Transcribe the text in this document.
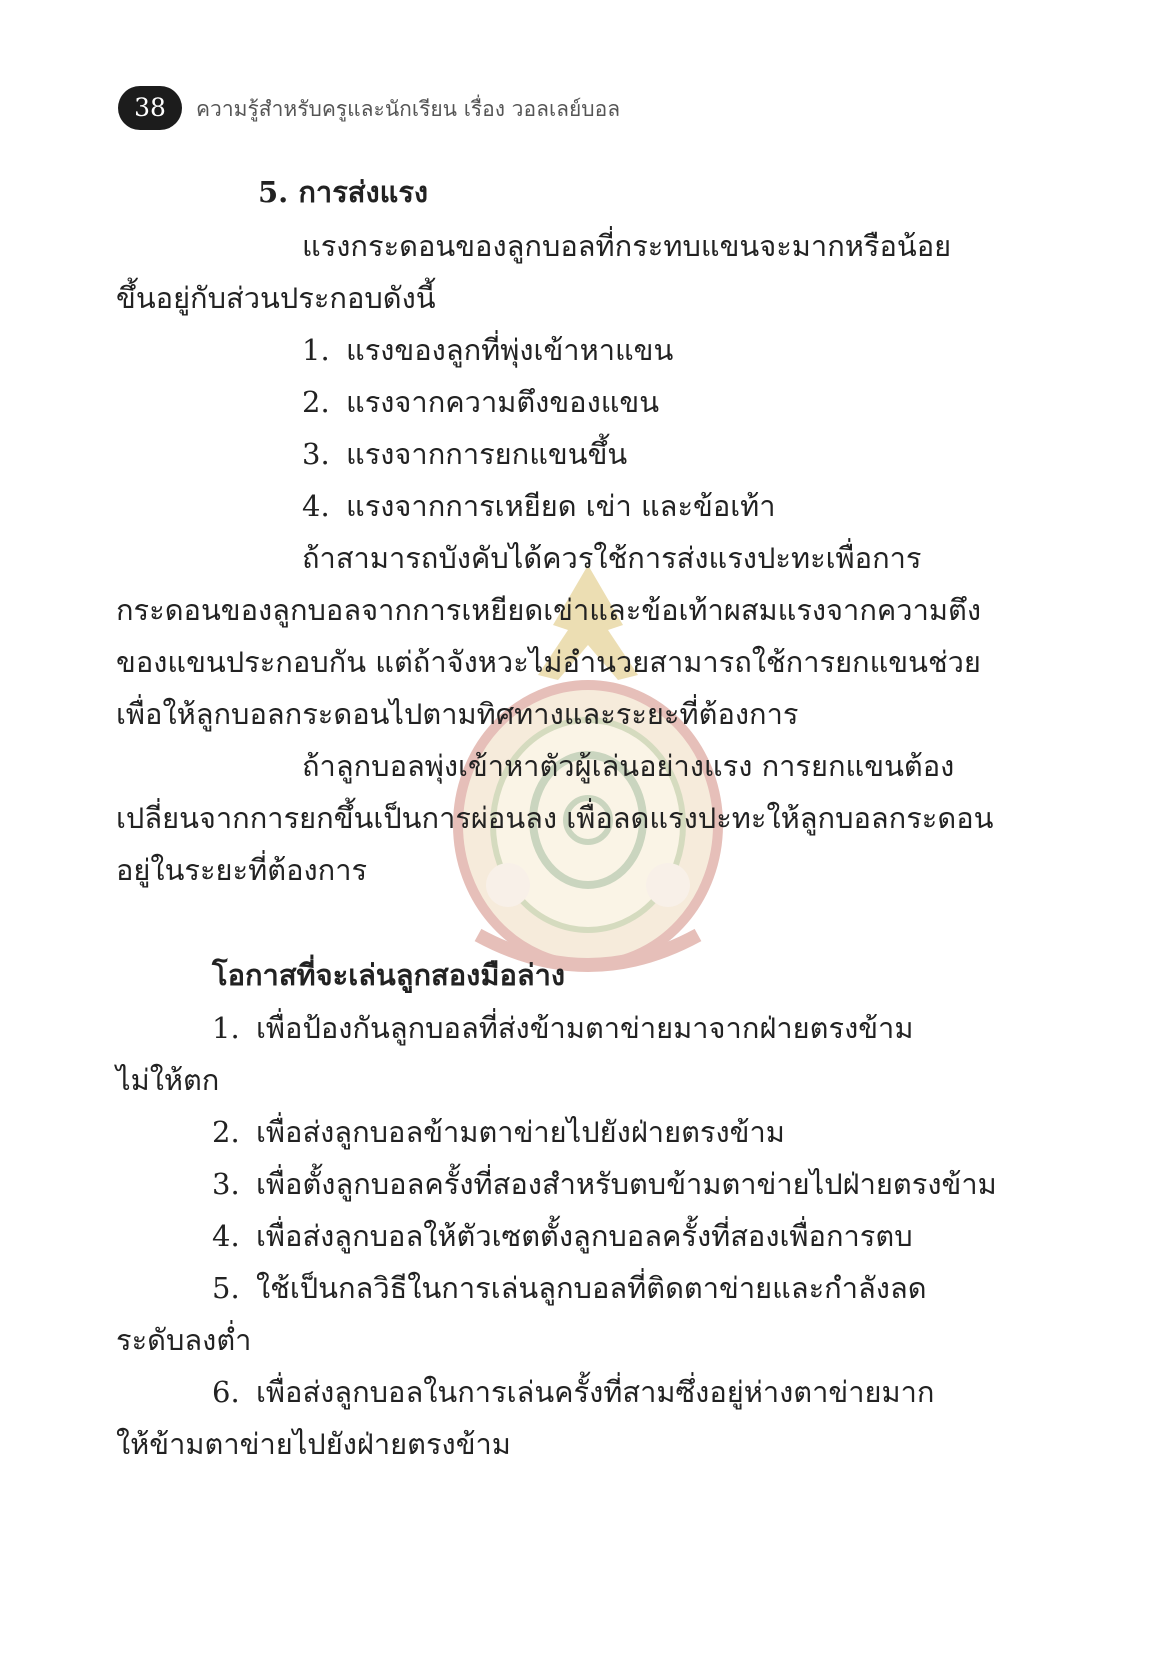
38	ความรู้สำหรับครูและนักเรียน เรื่อง วอลเลย์บอล
5. การส่งแรง
แรงกระดอนของลูกบอลที่กระทบแขนจะมากหรือน้อย
ขึ้นอยู่กับส่วนประกอบดังนี้
1. แรงของลูกที่พุ่งเข้าหาแขน
2. แรงจากความตึงของแขน
3. แรงจากการยกแขนขึ้น
4. แรงจากการเหยียด เข่า และข้อเท้า
ถ้าสามารถบังคับได้ควรใช้การส่งแรงปะทะเพื่อการ
กระดอนของลูกบอลจากการเหยียดเข่าและข้อเท้าผสมแรงจากความตึง
ของแขนประกอบกัน แต่ถ้าจังหวะไม่อำนวยสามารถใช้การยกแขนช่วย
เพื่อให้ลูกบอลกระดอนไปตามทิศทางและระยะที่ต้องการ
ถ้าลูกบอลพุ่งเข้าหาตัวผู้เล่นอย่างแรง การยกแขนต้อง
เปลี่ยนจากการยกขึ้นเป็นการผ่อนลง เพื่อลดแรงปะทะให้ลูกบอลกระดอน
อยู่ในระยะที่ต้องการ
โอกาสที่จะเล่นลูกสองมือล่าง
1. เพื่อป้องกันลูกบอลที่ส่งข้ามตาข่ายมาจากฝ่ายตรงข้าม
ไม่ให้ตก
2. เพื่อส่งลูกบอลข้ามตาข่ายไปยังฝ่ายตรงข้าม
3. เพื่อตั้งลูกบอลครั้งที่สองสำหรับตบข้ามตาข่ายไปฝ่ายตรงข้าม
4. เพื่อส่งลูกบอลให้ตัวเซตตั้งลูกบอลครั้งที่สองเพื่อการตบ
5. ใช้เป็นกลวิธีในการเล่นลูกบอลที่ติดตาข่ายและกำลังลด
ระดับลงต่ำ
6. เพื่อส่งลูกบอลในการเล่นครั้งที่สามซึ่งอยู่ห่างตาข่ายมาก
ให้ข้ามตาข่ายไปยังฝ่ายตรงข้าม
